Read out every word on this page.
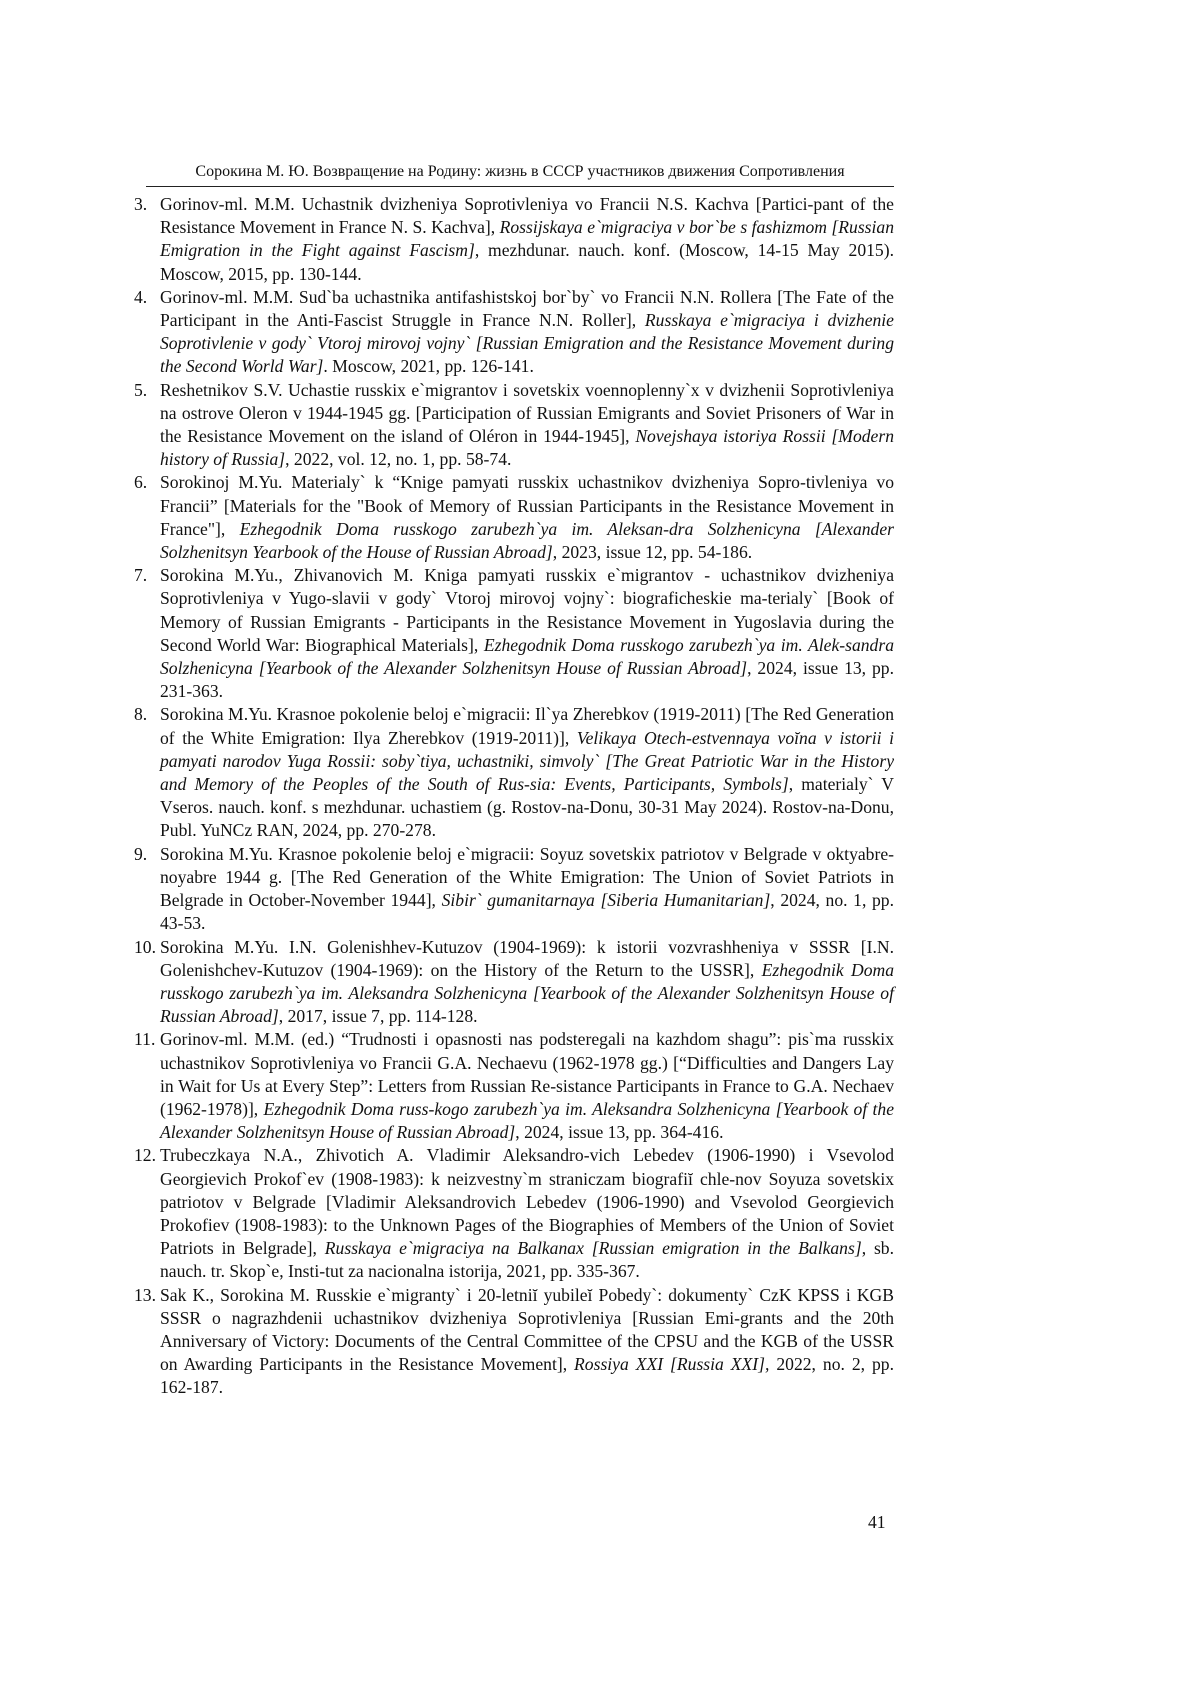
Сорокина М. Ю. Возвращение на Родину: жизнь в СССР участников движения Сопротивления
3. Gorinov-ml. M.M. Uchastnik dvizheniya Soprotivleniya vo Francii N.S. Kachva [Partici-pant of the Resistance Movement in France N. S. Kachva], Rossijskaya e`migraciya v bor`be s fashizmom [Russian Emigration in the Fight against Fascism], mezhdunar. nauch. konf. (Moscow, 14-15 May 2015). Moscow, 2015, pp. 130-144.
4. Gorinov-ml. M.M. Sud`ba uchastnika antifashistskoj bor`by` vo Francii N.N. Rollera [The Fate of the Participant in the Anti-Fascist Struggle in France N.N. Roller], Russkaya e`migraciya i dvizhenie Soprotivlenie v gody` Vtoroj mirovoj vojny` [Russian Emigration and the Resistance Movement during the Second World War]. Moscow, 2021, pp. 126-141.
5. Reshetnikov S.V. Uchastie russkix e`migrantov i sovetskix voennoplenny`x v dvizhenii Soprotivleniya na ostrove Oleron v 1944-1945 gg. [Participation of Russian Emigrants and Soviet Prisoners of War in the Resistance Movement on the island of Oléron in 1944-1945], Novejshaya istoriya Rossii [Modern history of Russia], 2022, vol. 12, no. 1, pp. 58-74.
6. Sorokinoj M.Yu. Materialy` k “Knige pamyati russkix uchastnikov dvizheniya Sopro-tivleniya vo Francii” [Materials for the "Book of Memory of Russian Participants in the Resistance Movement in France"], Ezhegodnik Doma russkogo zarubezh`ya im. Aleksan-dra Solzhenicyna [Alexander Solzhenitsyn Yearbook of the House of Russian Abroad], 2023, issue 12, pp. 54-186.
7. Sorokina M.Yu., Zhivanovich M. Kniga pamyati russkix e`migrantov - uchastnikov dvizheniya Soprotivleniya v Yugo-slavii v gody` Vtoroj mirovoj vojny`: biograficheskie ma-terialy` [Book of Memory of Russian Emigrants - Participants in the Resistance Movement in Yugoslavia during the Second World War: Biographical Materials], Ezhegodnik Doma russkogo zarubezh`ya im. Alek-sandra Solzhenicyna [Yearbook of the Alexander Solzhenitsyn House of Russian Abroad], 2024, issue 13, pp. 231-363.
8. Sorokina M.Yu. Krasnoe pokolenie beloj e`migracii: Il`ya Zherebkov (1919-2011) [The Red Generation of the White Emigration: Ilya Zherebkov (1919-2011)], Velikaya Otech-estvennaya voĭna v istorii i pamyati narodov Yuga Rossii: soby`tiya, uchastniki, simvoly` [The Great Patriotic War in the History and Memory of the Peoples of the South of Rus-sia: Events, Participants, Symbols], materialy` V Vseros. nauch. konf. s mezhdunar. uchastiem (g. Rostov-na-Donu, 30-31 May 2024). Rostov-na-Donu, Publ. YuNCz RAN, 2024, pp. 270-278.
9. Sorokina M.Yu. Krasnoe pokolenie beloj e`migracii: Soyuz sovetskix patriotov v Belgrade v oktyabre-noyabre 1944 g. [The Red Generation of the White Emigration: The Union of Soviet Patriots in Belgrade in October-November 1944], Sibir` gumanitarnaya [Siberia Humanitarian], 2024, no. 1, pp. 43-53.
10. Sorokina M.Yu. I.N. Golenishhev-Kutuzov (1904-1969): k istorii vozvrashheniya v SSSR [I.N. Golenishchev-Kutuzov (1904-1969): on the History of the Return to the USSR], Ezhegodnik Doma russkogo zarubezh`ya im. Aleksandra Solzhenicyna [Yearbook of the Alexander Solzhenitsyn House of Russian Abroad], 2017, issue 7, pp. 114-128.
11. Gorinov-ml. M.M. (ed.) “Trudnosti i opasnosti nas podsteregali na kazhdom shagu”: pis`ma russkix uchastnikov Soprotivleniya vo Francii G.A. Nechaevu (1962-1978 gg.) [“Difficulties and Dangers Lay in Wait for Us at Every Step”: Letters from Russian Re-sistance Participants in France to G.A. Nechaev (1962-1978)], Ezhegodnik Doma russ-kogo zarubezh`ya im. Aleksandra Solzhenicyna [Yearbook of the Alexander Solzhenitsyn House of Russian Abroad], 2024, issue 13, pp. 364-416.
12. Trubeczkaya N.A., Zhivotich A. Vladimir Aleksandro-vich Lebedev (1906-1990) i Vsevolod Georgievich Prokof`ev (1908-1983): k neizvestny`m straniczam biografiĭ chle-nov Soyuza sovetskix patriotov v Belgrade [Vladimir Aleksandrovich Lebedev (1906-1990) and Vsevolod Georgievich Prokofiev (1908-1983): to the Unknown Pages of the Biographies of Members of the Union of Soviet Patriots in Belgrade], Russkaya e`migraciya na Balkanax [Russian emigration in the Balkans], sb. nauch. tr. Skop`e, Insti-tut za nacionalna istorija, 2021, pp. 335-367.
13. Sak K., Sorokina M. Russkie e`migranty` i 20-letniĭ yubileĭ Pobedy`: dokumenty` CzK KPSS i KGB SSSR o nagrazhdenii uchastnikov dvizheniya Soprotivleniya [Russian Emi-grants and the 20th Anniversary of Victory: Documents of the Central Committee of the CPSU and the KGB of the USSR on Awarding Participants in the Resistance Movement], Rossiya XXI [Russia XXI], 2022, no. 2, pp. 162-187.
41
